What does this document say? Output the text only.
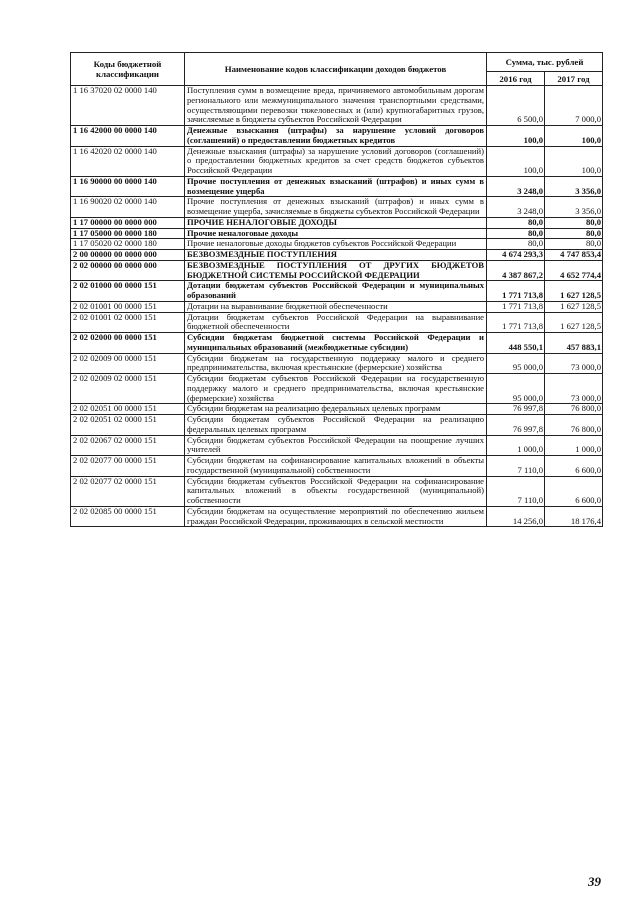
Коды бюджетной классификации	Наименование кодов классификации доходов бюджетов	Сумма, тыс. рублей	
		2016 год	2017 год
1 16 37020 02 0000 140	Поступления сумм в возмещение вреда, причиняемого автомобильным дорогам регионального или межмуниципального значения транспортными средствами, осуществляющими перевозки тяжеловесных и (или) крупногабаритных грузов, зачисляемые в бюджеты субъектов Российской Федерации	6 500,0	7 000,0
1 16 42000 00 0000 140	Денежные взыскания (штрафы) за нарушение условий договоров (соглашений) о предоставлении бюджетных кредитов	100,0	100,0
1 16 42020 02 0000 140	Денежные взыскания (штрафы) за нарушение условий договоров (соглашений) о предоставлении бюджетных кредитов за счет средств бюджетов субъектов Российской Федерации	100,0	100,0
1 16 90000 00 0000 140	Прочие поступления от денежных взысканий (штрафов) и иных сумм в возмещение ущерба	3 248,0	3 356,0
1 16 90020 02 0000 140	Прочие поступления от денежных взысканий (штрафов) и иных сумм в возмещение ущерба, зачисляемые в бюджеты субъектов Российской Федерации	3 248,0	3 356,0
1 17 00000 00 0000 000	ПРОЧИЕ НЕНАЛОГОВЫЕ ДОХОДЫ	80,0	80,0
1 17 05000 00 0000 180	Прочие неналоговые доходы	80,0	80,0
1 17 05020 02 0000 180	Прочие неналоговые доходы бюджетов субъектов Российской Федерации	80,0	80,0
2 00 00000 00 0000 000	БЕЗВОЗМЕЗДНЫЕ ПОСТУПЛЕНИЯ	4 674 293,3	4 747 853,4
2 02 00000 00 0000 000	БЕЗВОЗМЕЗДНЫЕ ПОСТУПЛЕНИЯ ОТ ДРУГИХ БЮДЖЕТОВ БЮДЖЕТНОЙ СИСТЕМЫ РОССИЙСКОЙ ФЕДЕРАЦИИ	4 387 867,2	4 652 774,4
2 02 01000 00 0000 151	Дотации бюджетам субъектов Российской Федерации и муниципальных образований	1 771 713,8	1 627 128,5
2 02 01001 00 0000 151	Дотации на выравнивание бюджетной обеспеченности	1 771 713,8	1 627 128,5
2 02 01001 02 0000 151	Дотации бюджетам субъектов Российской Федерации на выравнивание бюджетной обеспеченности	1 771 713,8	1 627 128,5
2 02 02000 00 0000 151	Субсидии бюджетам бюджетной системы Российской Федерации и муниципальных образований (межбюджетные субсидии)	448 550,1	457 883,1
2 02 02009 00 0000 151	Субсидии бюджетам на государственную поддержку малого и среднего предпринимательства, включая крестьянские (фермерские) хозяйства	95 000,0	73 000,0
2 02 02009 02 0000 151	Субсидии бюджетам субъектов Российской Федерации на государственную поддержку малого и среднего предпринимательства, включая крестьянские (фермерские) хозяйства	95 000,0	73 000,0
2 02 02051 00 0000 151	Субсидии бюджетам на реализацию федеральных целевых программ	76 997,8	76 800,0
2 02 02051 02 0000 151	Субсидии бюджетам субъектов Российской Федерации на реализацию федеральных целевых программ	76 997,8	76 800,0
2 02 02067 02 0000 151	Субсидии бюджетам субъектов Российской Федерации на поощрение лучших учителей	1 000,0	1 000,0
2 02 02077 00 0000 151	Субсидии бюджетам на софинансирование капитальных вложений в объекты государственной (муниципальной) собственности	7 110,0	6 600,0
2 02 02077 02 0000 151	Субсидии бюджетам субъектов Российской Федерации на софинансирование капитальных вложений в объекты государственной (муниципальной) собственности	7 110,0	6 600,0
2 02 02085 00 0000 151	Субсидии бюджетам на осуществление мероприятий по обеспечению жильем граждан Российской Федерации, проживающих в сельской местности	14 256,0	18 176,4
39
